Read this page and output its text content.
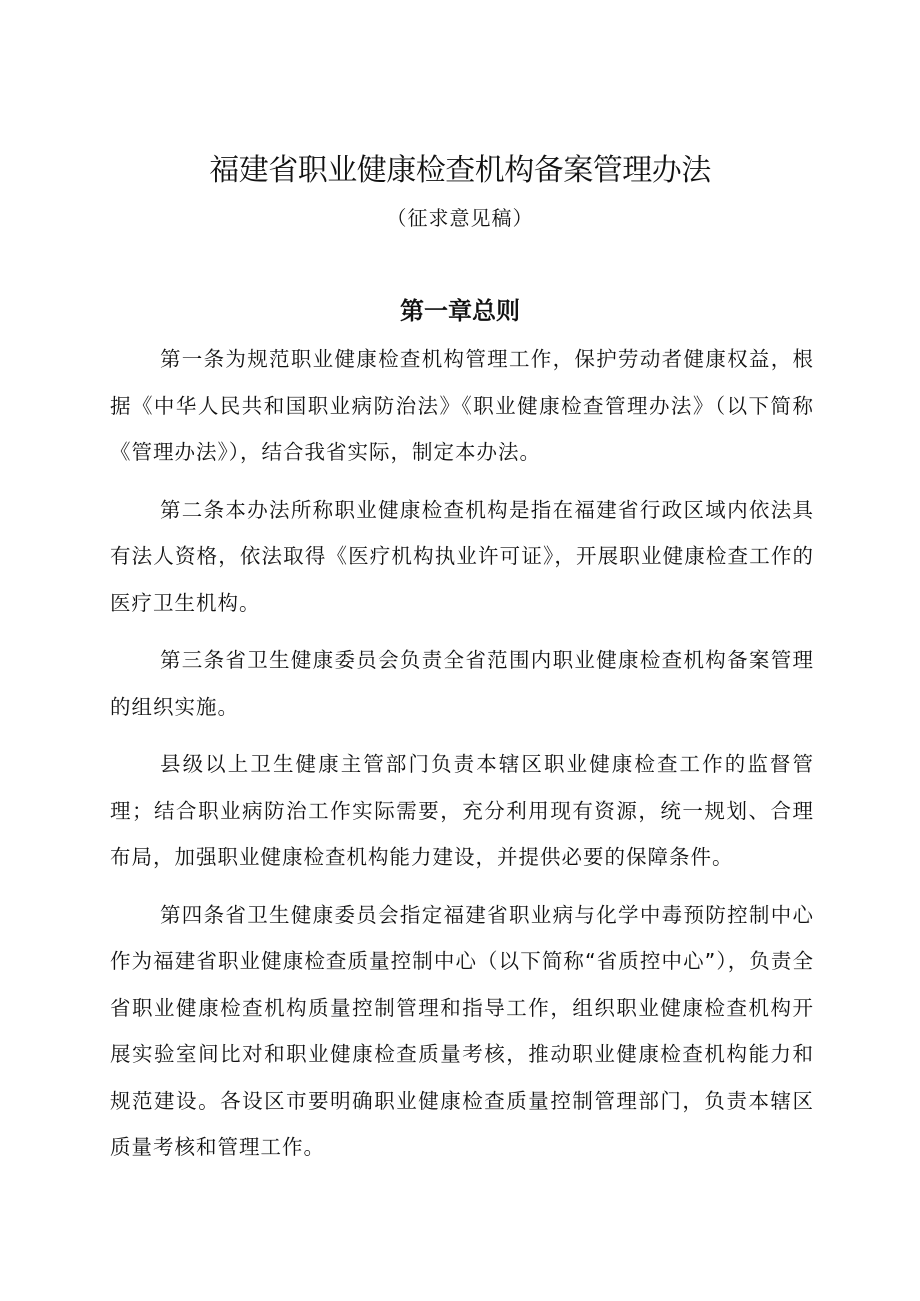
福建省职业健康检查机构备案管理办法
（征求意见稿）
第一章总则

第一条为规范职业健康检查机构管理工作，保护劳动者健康权益，根据《中华人民共和国职业病防治法》《职业健康检查管理办法》（以下简称《管理办法》），结合我省实际，制定本办法。

第二条本办法所称职业健康检查机构是指在福建省行政区域内依法具有法人资格，依法取得《医疗机构执业许可证》，开展职业健康检查工作的医疗卫生机构。

第三条省卫生健康委员会负责全省范围内职业健康检查机构备案管理的组织实施。

县级以上卫生健康主管部门负责本辖区职业健康检查工作的监督管理；结合职业病防治工作实际需要，充分利用现有资源，统一规划、合理布局，加强职业健康检查机构能力建设，并提供必要的保障条件。

第四条省卫生健康委员会指定福建省职业病与化学中毒预防控制中心作为福建省职业健康检查质量控制中心（以下简称“省质控中心”），负责全省职业健康检查机构质量控制管理和指导工作，组织职业健康检查机构开展实验室间比对和职业健康检查质量考核，推动职业健康检查机构能力和规范建设。各设区市要明确职业健康检查质量控制管理部门，负责本辖区质量考核和管理工作。
